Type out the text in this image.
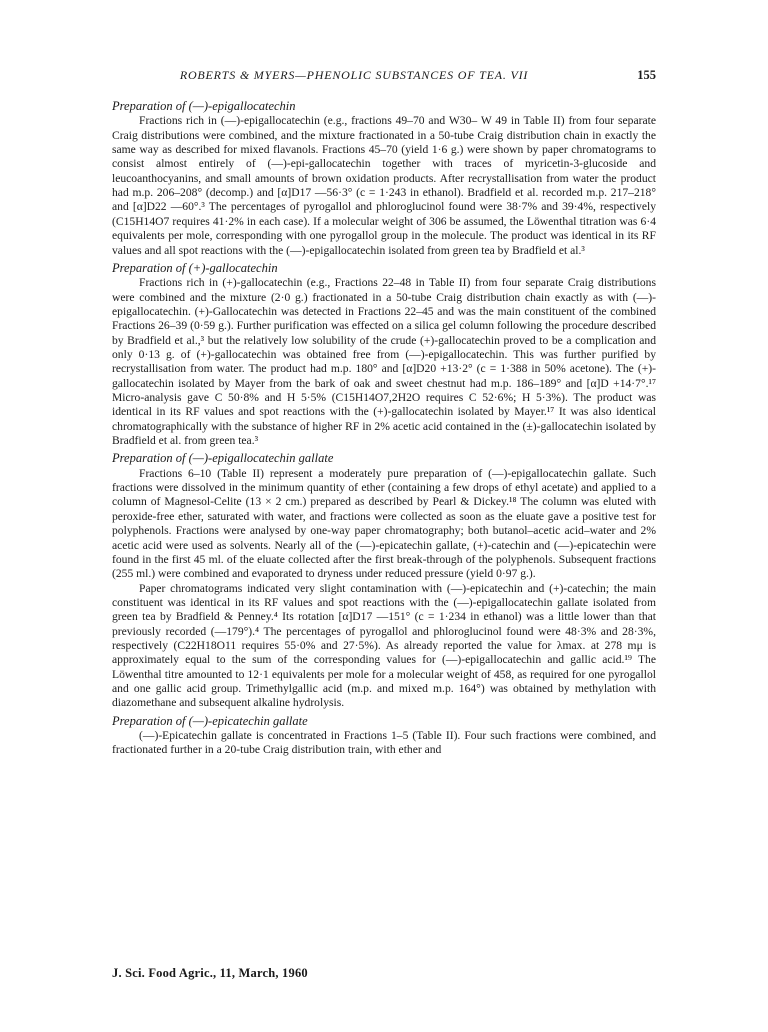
ROBERTS & MYERS—PHENOLIC SUBSTANCES OF TEA. VII	155
Preparation of (—)-epigallocatechin

Fractions rich in (—)-epigallocatechin (e.g., fractions 49–70 and W30– W 49 in Table II) from four separate Craig distributions were combined, and the mixture fractionated in a 50-tube Craig distribution chain in exactly the same way as described for mixed flavanols. Fractions 45–70 (yield 1·6 g.) were shown by paper chromatograms to consist almost entirely of (—)-epi-gallocatechin together with traces of myricetin-3-glucoside and leucoanthocyanins, and small amounts of brown oxidation products. After recrystallisation from water the product had m.p. 206–208° (decomp.) and [α]D17 —56·3° (c = 1·243 in ethanol). Bradfield et al. recorded m.p. 217–218° and [α]D22 —60°.³ The percentages of pyrogallol and phloroglucinol found were 38·7% and 39·4%, respectively (C15H14O7 requires 41·2% in each case). If a molecular weight of 306 be assumed, the Löwenthal titration was 6·4 equivalents per mole, corresponding with one pyrogallol group in the molecule. The product was identical in its RF values and all spot reactions with the (—)-epigallocatechin isolated from green tea by Bradfield et al.³

Preparation of (+)-gallocatechin

Fractions rich in (+)-gallocatechin (e.g., Fractions 22–48 in Table II) from four separate Craig distributions were combined and the mixture (2·0 g.) fractionated in a 50-tube Craig distribution chain exactly as with (—)-epigallocatechin. (+)-Gallocatechin was detected in Fractions 22–45 and was the main constituent of the combined Fractions 26–39 (0·59 g.). Further purification was effected on a silica gel column following the procedure described by Bradfield et al.,³ but the relatively low solubility of the crude (+)-gallocatechin proved to be a complication and only 0·13 g. of (+)-gallocatechin was obtained free from (—)-epigallocatechin. This was further purified by recrystallisation from water. The product had m.p. 180° and [α]D20 +13·2° (c = 1·388 in 50% acetone). The (+)-gallocatechin isolated by Mayer from the bark of oak and sweet chestnut had m.p. 186–189° and [α]D +14·7°.¹⁷ Micro-analysis gave C 50·8% and H 5·5% (C15H14O7,2H2O requires C 52·6%; H 5·3%). The product was identical in its RF values and spot reactions with the (+)-gallocatechin isolated by Mayer.¹⁷ It was also identical chromatographically with the substance of higher RF in 2% acetic acid contained in the (±)-gallocatechin isolated by Bradfield et al. from green tea.³

Preparation of (—)-epigallocatechin gallate

Fractions 6–10 (Table II) represent a moderately pure preparation of (—)-epigallocatechin gallate. Such fractions were dissolved in the minimum quantity of ether (containing a few drops of ethyl acetate) and applied to a column of Magnesol-Celite (13 × 2 cm.) prepared as described by Pearl & Dickey.¹⁸ The column was eluted with peroxide-free ether, saturated with water, and fractions were collected as soon as the eluate gave a positive test for polyphenols. Fractions were analysed by one-way paper chromatography; both butanol–acetic acid–water and 2% acetic acid were used as solvents. Nearly all of the (—)-epicatechin gallate, (+)-catechin and (—)-epicatechin were found in the first 45 ml. of the eluate collected after the first break-through of the polyphenols. Subsequent fractions (255 ml.) were combined and evaporated to dryness under reduced pressure (yield 0·97 g.).

Paper chromatograms indicated very slight contamination with (—)-epicatechin and (+)-catechin; the main constituent was identical in its RF values and spot reactions with the (—)-epigallocatechin gallate isolated from green tea by Bradfield & Penney.⁴ Its rotation [α]D17 —151° (c = 1·234 in ethanol) was a little lower than that previously recorded (—179°).⁴ The percentages of pyrogallol and phloroglucinol found were 48·3% and 28·3%, respectively (C22H18O11 requires 55·0% and 27·5%). As already reported the value for λmax. at 278 mμ is approximately equal to the sum of the corresponding values for (—)-epigallocatechin and gallic acid.¹⁹ The Löwenthal titre amounted to 12·1 equivalents per mole for a molecular weight of 458, as required for one pyrogallol and one gallic acid group. Trimethylgallic acid (m.p. and mixed m.p. 164°) was obtained by methylation with diazomethane and subsequent alkaline hydrolysis.

Preparation of (—)-epicatechin gallate

(—)-Epicatechin gallate is concentrated in Fractions 1–5 (Table II). Four such fractions were combined, and fractionated further in a 20-tube Craig distribution train, with ether and

J. Sci. Food Agric., 11, March, 1960
